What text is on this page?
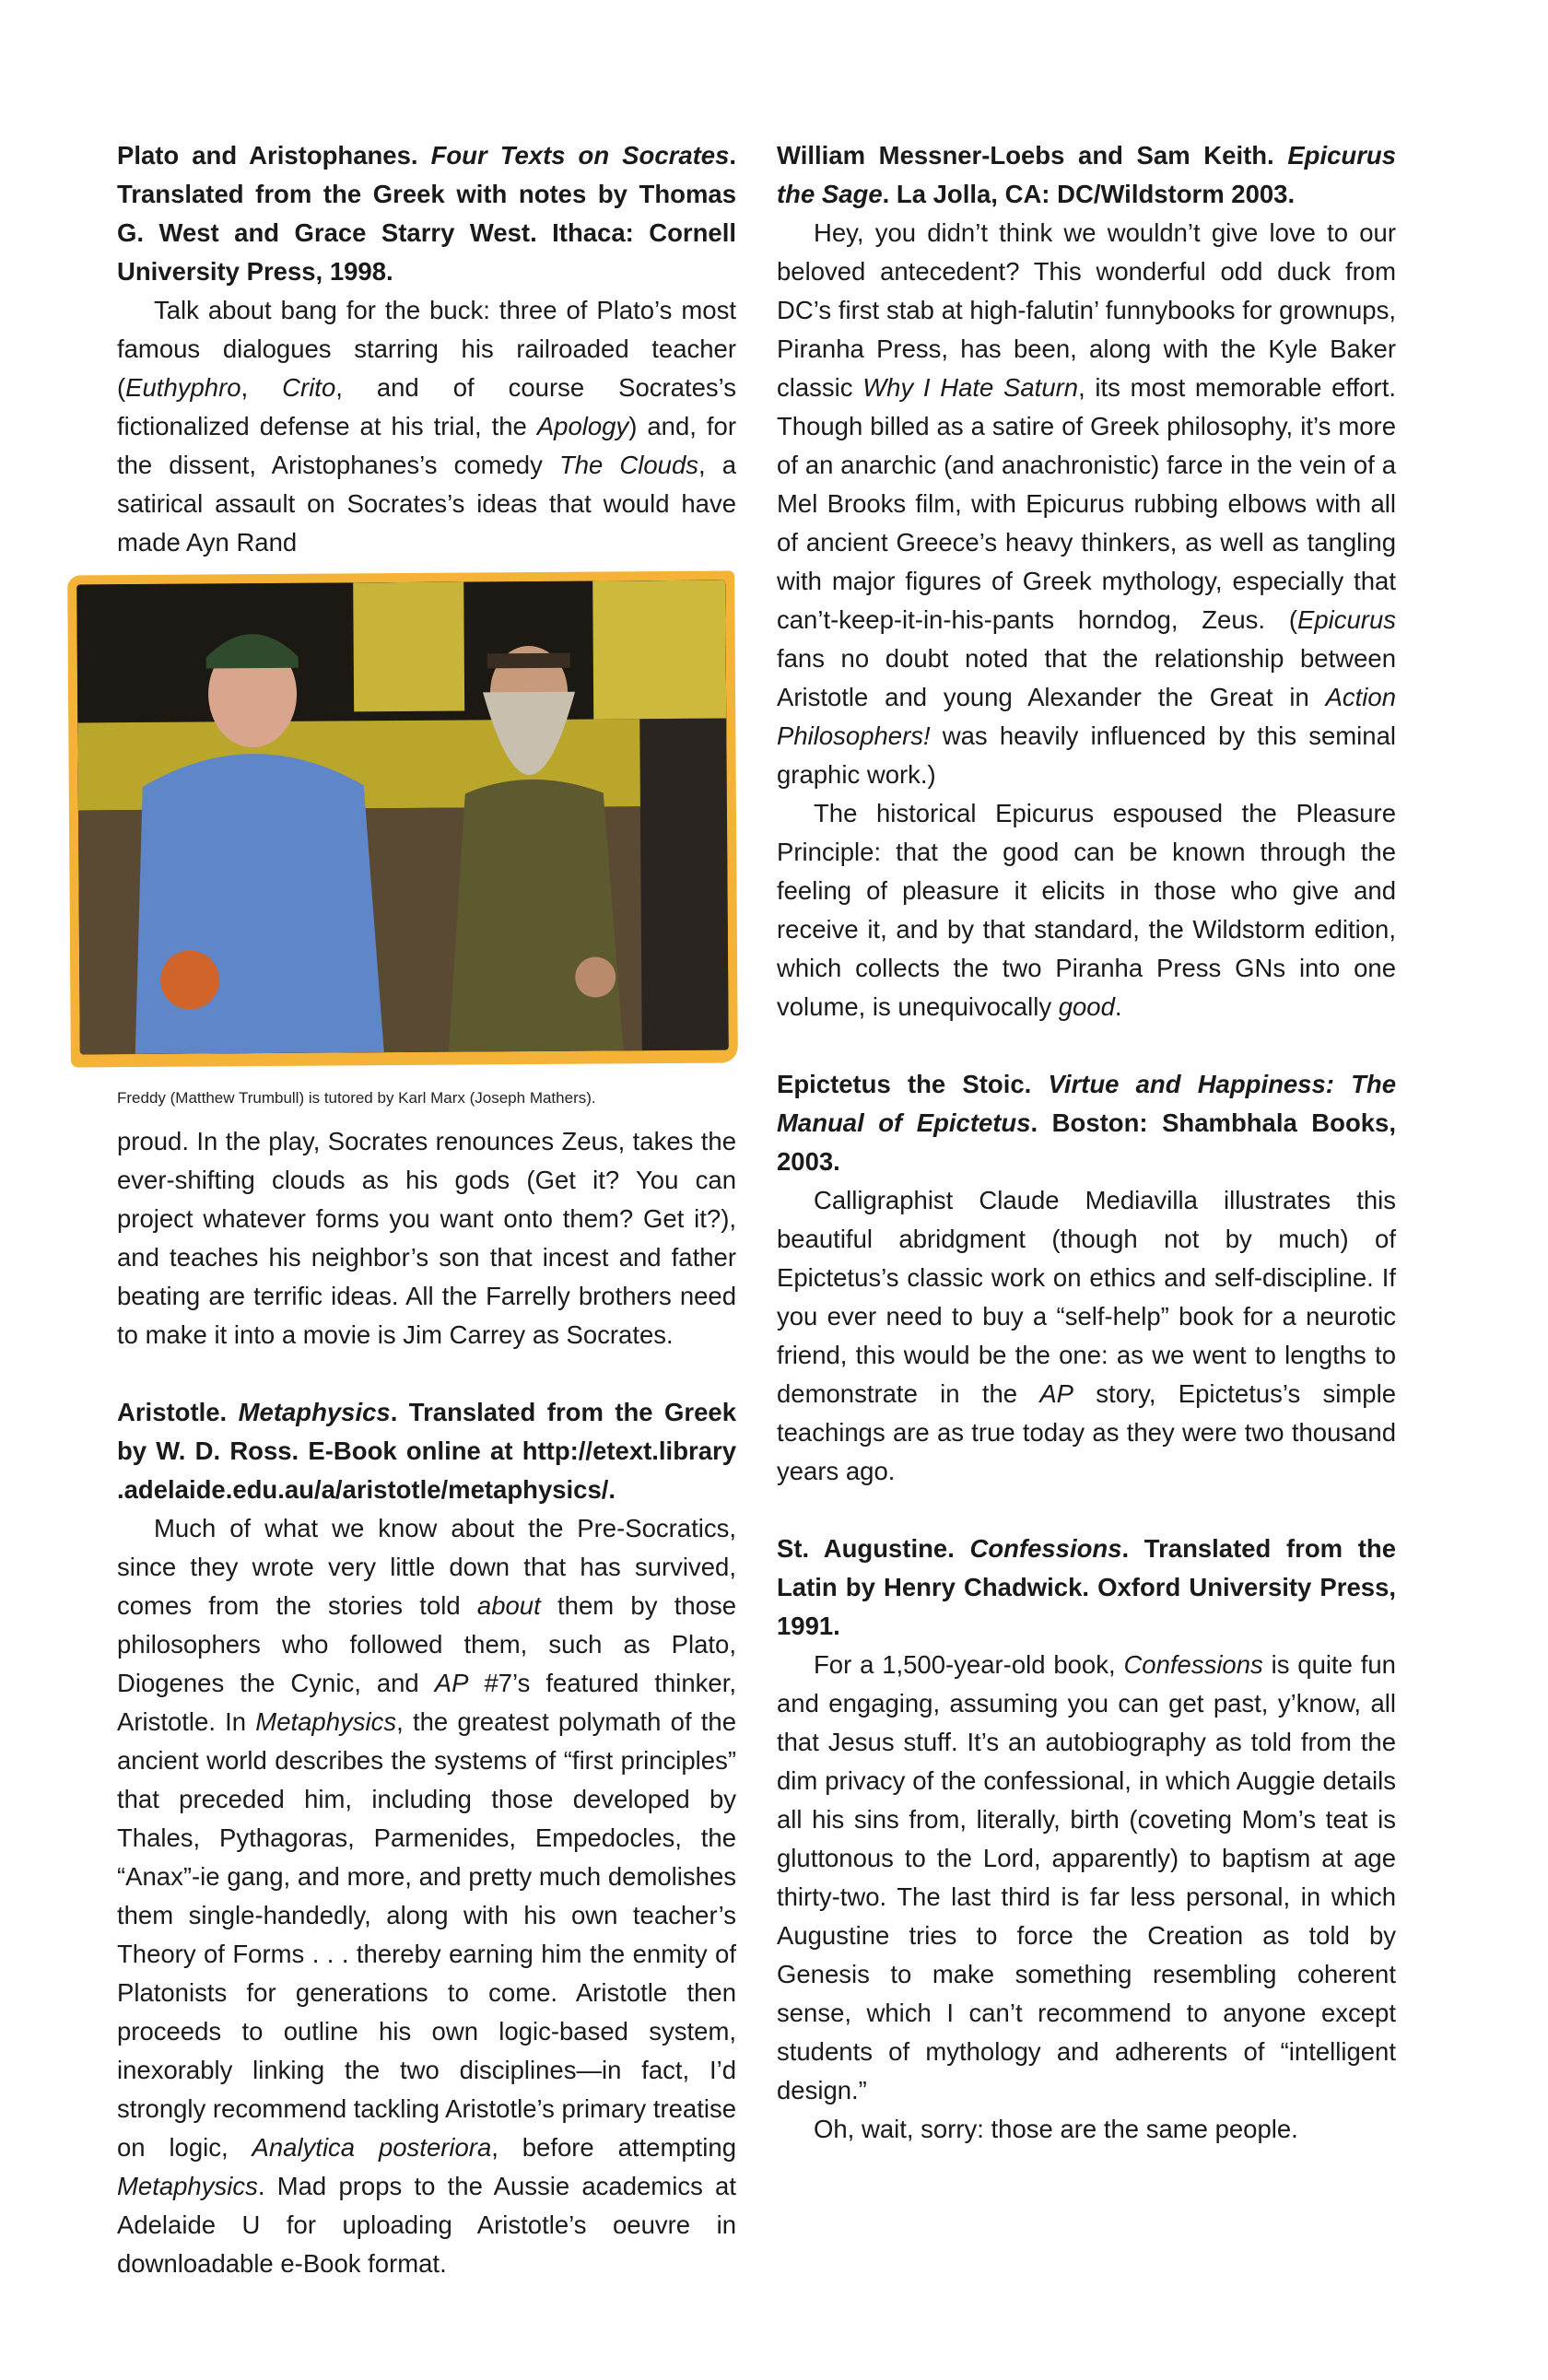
Plato and Aristophanes. Four Texts on Socrates. Translated from the Greek with notes by Thomas G. West and Grace Starry West. Ithaca: Cornell University Press, 1998.

Talk about bang for the buck: three of Plato’s most famous dialogues starring his railroaded teacher (Euthyphro, Crito, and of course Socrates’s fictionalized defense at his trial, the Apology) and, for the dissent, Aristophanes’s comedy The Clouds, a satirical assault on Socrates’s ideas that would have made Ayn Rand

Freddy (Matthew Trumbull) is tutored by Karl Marx (Joseph Mathers).

proud. In the play, Socrates renounces Zeus, takes the ever-shifting clouds as his gods (Get it? You can project whatever forms you want onto them? Get it?), and teaches his neighbor’s son that incest and father beating are terrific ideas. All the Farrelly brothers need to make it into a movie is Jim Carrey as Socrates.

Aristotle. Metaphysics. Translated from the Greek by W. D. Ross. E-Book online at http://etext.library .adelaide.edu.au/a/aristotle/metaphysics/.

Much of what we know about the Pre-Socratics, since they wrote very little down that has survived, comes from the stories told about them by those philosophers who followed them, such as Plato, Diogenes the Cynic, and AP #7’s featured thinker, Aristotle. In Metaphysics, the greatest polymath of the ancient world describes the systems of “first principles” that preceded him, including those developed by Thales, Pythagoras, Parmenides, Empedocles, the “Anax”-ie gang, and more, and pretty much demolishes them single-handedly, along with his own teacher’s Theory of Forms . . . thereby earning him the enmity of Platonists for generations to come. Aristotle then proceeds to outline his own logic-based system, inexorably linking the two disciplines—in fact, I’d strongly recommend tackling Aristotle’s primary treatise on logic, Analytica posteriora, before attempting Metaphysics. Mad props to the Aussie academics at Adelaide U for uploading Aristotle’s oeuvre in downloadable e-Book format.

William Messner-Loebs and Sam Keith. Epicurus the Sage. La Jolla, CA: DC/Wildstorm 2003.

Hey, you didn’t think we wouldn’t give love to our beloved antecedent? This wonderful odd duck from DC’s first stab at high-falutin’ funnybooks for grownups, Piranha Press, has been, along with the Kyle Baker classic Why I Hate Saturn, its most memorable effort. Though billed as a satire of Greek philosophy, it’s more of an anarchic (and anachronistic) farce in the vein of a Mel Brooks film, with Epicurus rubbing elbows with all of ancient Greece’s heavy thinkers, as well as tangling with major figures of Greek mythology, especially that can’t-keep-it-in-his-pants horndog, Zeus. (Epicurus fans no doubt noted that the relationship between Aristotle and young Alexander the Great in Action Philosophers! was heavily influenced by this seminal graphic work.)

The historical Epicurus espoused the Pleasure Principle: that the good can be known through the feeling of pleasure it elicits in those who give and receive it, and by that standard, the Wildstorm edition, which collects the two Piranha Press GNs into one volume, is unequivocally good.

Epictetus the Stoic. Virtue and Happiness: The Manual of Epictetus. Boston: Shambhala Books, 2003.

Calligraphist Claude Mediavilla illustrates this beautiful abridgment (though not by much) of Epictetus’s classic work on ethics and self-discipline. If you ever need to buy a “self-help” book for a neurotic friend, this would be the one: as we went to lengths to demonstrate in the AP story, Epictetus’s simple teachings are as true today as they were two thousand years ago.

St. Augustine. Confessions. Translated from the Latin by Henry Chadwick. Oxford University Press, 1991.

For a 1,500-year-old book, Confessions is quite fun and engaging, assuming you can get past, y’know, all that Jesus stuff. It’s an autobiography as told from the dim privacy of the confessional, in which Auggie details all his sins from, literally, birth (coveting Mom’s teat is gluttonous to the Lord, apparently) to baptism at age thirty-two. The last third is far less personal, in which Augustine tries to force the Creation as told by Genesis to make something resembling coherent sense, which I can’t recommend to anyone except students of mythology and adherents of “intelligent design.”

Oh, wait, sorry: those are the same people.
